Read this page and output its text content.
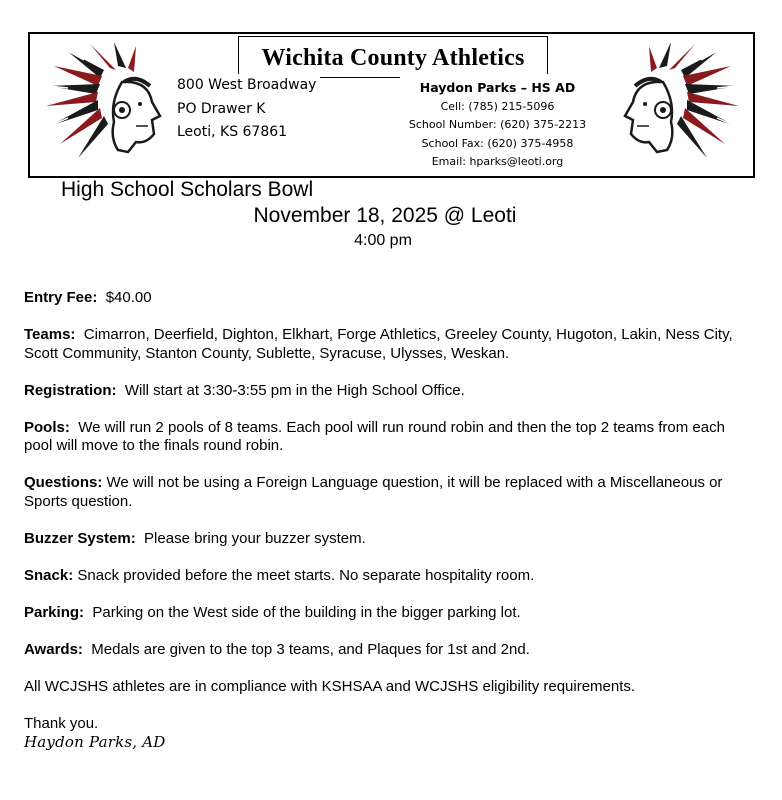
Wichita County Athletics
800 West Broadway
PO Drawer K
Leoti, KS 67861
Haydon Parks – HS AD
Cell: (785) 215-5096
School Number: (620) 375-2213
School Fax: (620) 375-4958
Email: hparks@leoti.org
High School Scholars Bowl
November 18, 2025 @ Leoti
4:00 pm

Entry Fee: $40.00

Teams: Cimarron, Deerfield, Dighton, Elkhart, Forge Athletics, Greeley County, Hugoton, Lakin, Ness City, Scott Community, Stanton County, Sublette, Syracuse, Ulysses, Weskan.

Registration: Will start at 3:30-3:55 pm in the High School Office.

Pools: We will run 2 pools of 8 teams. Each pool will run round robin and then the top 2 teams from each pool will move to the finals round robin.

Questions: We will not be using a Foreign Language question, it will be replaced with a Miscellaneous or Sports question.

Buzzer System: Please bring your buzzer system.

Snack: Snack provided before the meet starts. No separate hospitality room.

Parking: Parking on the West side of the building in the bigger parking lot.

Awards: Medals are given to the top 3 teams, and Plaques for 1st and 2nd.

All WCJSHS athletes are in compliance with KSHSAA and WCJSHS eligibility requirements.

Thank you.
Haydon Parks, AD
